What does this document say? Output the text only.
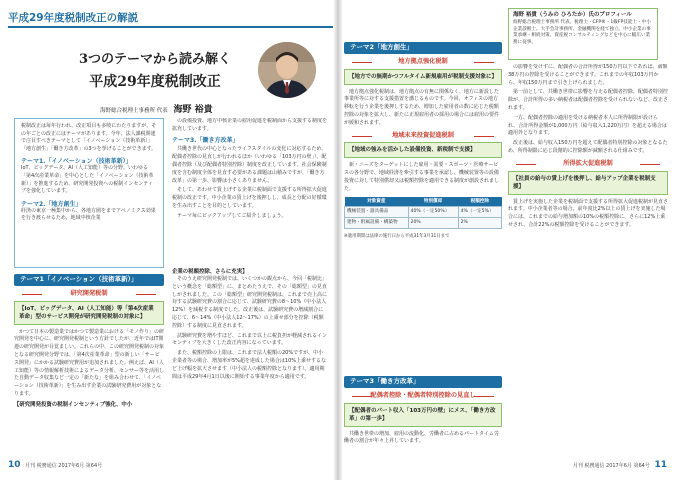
平成29年度税制改正の解説
3つのテーマから読み解く
平成29年度税制改正
海野総合税理士事務所 代表 海野 裕貴
税制改正は毎年行われ、改正項目も多岐にわたりますが、その年ごとの改正にはテーマがあります。今年、法人課税関連で注目すべきテーマとして「イノベーション（技術革新）」「地方創生」「働き方改革」の3つを挙げることができます。
テーマ1.「イノベーション（技術革新）」
IoT、ビッグデータ、AI（人工知能）等の分野。いわゆる「第4次産業革命」を中心とした「イノベーション（技術革新）」を推進するため、研究開発投資への税制インセンティブを強化しています。
テーマ2.「地方創生」
経済の東京一極集中から、各地方圏をまでアベノミクス効果を行き渡らせるため、地域中核企業

の設備投資、地方中核企業の雇用促進を税制面から支援する制度を拡充しています。

テーマ3.「働き方改革」

共働き世代の中心となったライフスタイルの変化に対応するため、配偶者控除の見直しが行われるほか（いわゆる「103万円の壁」）、配偶者控除（及び配偶者特別控除）制度を改正しています。社会保険制度を含む制度全体を見直す必要がある課題は山積みですが、「働き方改革」の第一歩、影響は小さくありません。

そして、あわせて賃上げする企業に税制面で支援する所得拡大促進税制の改正です。中小企業の賃上げを後押しし、成長と分配の好循環を生み出すことを目的としています。

テーマ毎にピックアップしてご紹介しましょう。

テーマ1「イノベーション（技術革新）」
研究開発税制
【IoT、ビッグデータ、AI（人工知能）等「第4次産業革命」型のサービス開発が研究開発税制の対象に】

かつて日本の製造業ではかつて製造業における「モノ作り」の研究開発を中心に、研究開発税制という方針でしたが、近年ではIT関連の研究開発が目覚ましい。これらの中、この研究開発税制の対象となる研究開発分野では、「第4次産業革命」型の新しい「サービス開発」にかかる試験研究費用が追加されました。例えば、AI（人工知能）等の情報解析技術によるデータ分析、センサー等を活用した自動データ収集など一定の「新たな」を組み合わせて、「イノベーション（技術革新）」を生み出す企業の試験研究費用が対象となります。

【研究開発投資の税制インセンティブ強化、中小
企業の税額控除、さらに充実】

そのうえ研究開発税制では、いくつかの観点から、今回「税制比」という概念を「総額型」に、まとめたうえで、その「総額型」の見直しがされました。この「総額型」研究開発税制は、これまで売上高に対する試験研究費の割合に応じて、試験研究費の8～10%（中小法人12%）を減税する制度でした。改正後は、試験研究費の増減割合に応じて、6～14%（中小法人12～17%）の上乗せ部分を控除（税額控除）する制度に見直されます。

試験研究費を増やすほど、これまで以上に税負担が軽減されるインセンティブを大きくした改正内容になっています。

また、税額控除の上限は、これまで法人税額の20%ですが、中小企業者等の場合、増加率が5%超を達成した場合は10%上乗せするなど上げ幅を拡大させます（中小法人の税額控除となります）。適用期間は平成29年4月1日以後に開始する事業年度から適用です。

10 月刊 税務通信 2017年6月 第64号
海野 裕貴（うみの ひろたか）氏のプロフィール
海野総合税理士事務所 代表。税理士・CFP®・1級FP技能士・中小企業診断士。大手会計事務所、金融機関を経て独立。中小企業の事業承継・相続対策、資産税コンサルティングなどを中心に幅広い業務に従事。
テーマ2「地方創生」
地方拠点強化税制
【地方での無期かつフルタイム新規雇用が税制支援対象に】

地方拠点強化税制は、地方拠点の有無に関係なく、地方に新設した事業所等に対する支援措置を講じるものです。今回、オフィスの地方移転を行う企業を後押しするため、増加した雇用者の数に応じた税額控除の対象を拡大し、新たに正規雇用者の採用の場合には雇用の要件が緩和されます。

地域未来投資促進税制
【地域の強みを活かした設備投資、新税制で支援】

新・ニーズをターゲットにした雇用・需要・スポーツ・医療サービスの各分野で、地域経済を牽引する事業を承認し、機械装置等の設備投資に対して特別償却又は税額控除を適用できる制度が創設されました。

対象資産	特別償却	税額控除
機械装置・器具備品	40%（一定50%）	4%（一定5%）
建物・附属設備・構築物	20%	2%
※適用期間は法律の施行日から平成31年3月31日まで
テーマ3「働き方改革」
配偶者控除・配偶者特別控除の見直し
【配偶者のパート収入「103万円の壁」にメス、「働き方改革」の第一歩】

共働き世帯の増加、雇用の流動化、労働者に占めるパートタイム労働者の割合が年々上昇しています。

の影響を受けずに、配偶者の合計所得が150万円以下であれば、満額38万円の控除を受けることができます。これまでの年収103万円から、年収150万円まで引き上げられました。

第一前として、共働き世帯に影響を与える配偶者控除、配偶者特別控除が、合計所得の多い納税者は配偶者控除を受けられないなど、改正されます。

一方、配偶者控除の適用を受ける納税者本人に所得制限が設けられ、合計所得金額が1,000万円（給与収入1,220万円）を超える場合は適用外となります。

改正後は、給与収入150万円を超えて配偶者特別控除の対象となるため、所得制限に応じ段階的に控除額が減額される仕組みです。

所得拡大促進税制
【社員の給与の賃上げを後押し、給与アップ企業を税制支援】

賃上げを実施した企業を税制面で支援する所得拡大促進税制が見直されます。中小企業者等の場合、前年度比2%以上の賃上げを実施した場合には、これまでの給与増加額の10%の税額控除に、さらに12%上乗せされ、合計22%の税額控除を受けることができます。

月刊 税務通信 2017年6月 第64号 11
